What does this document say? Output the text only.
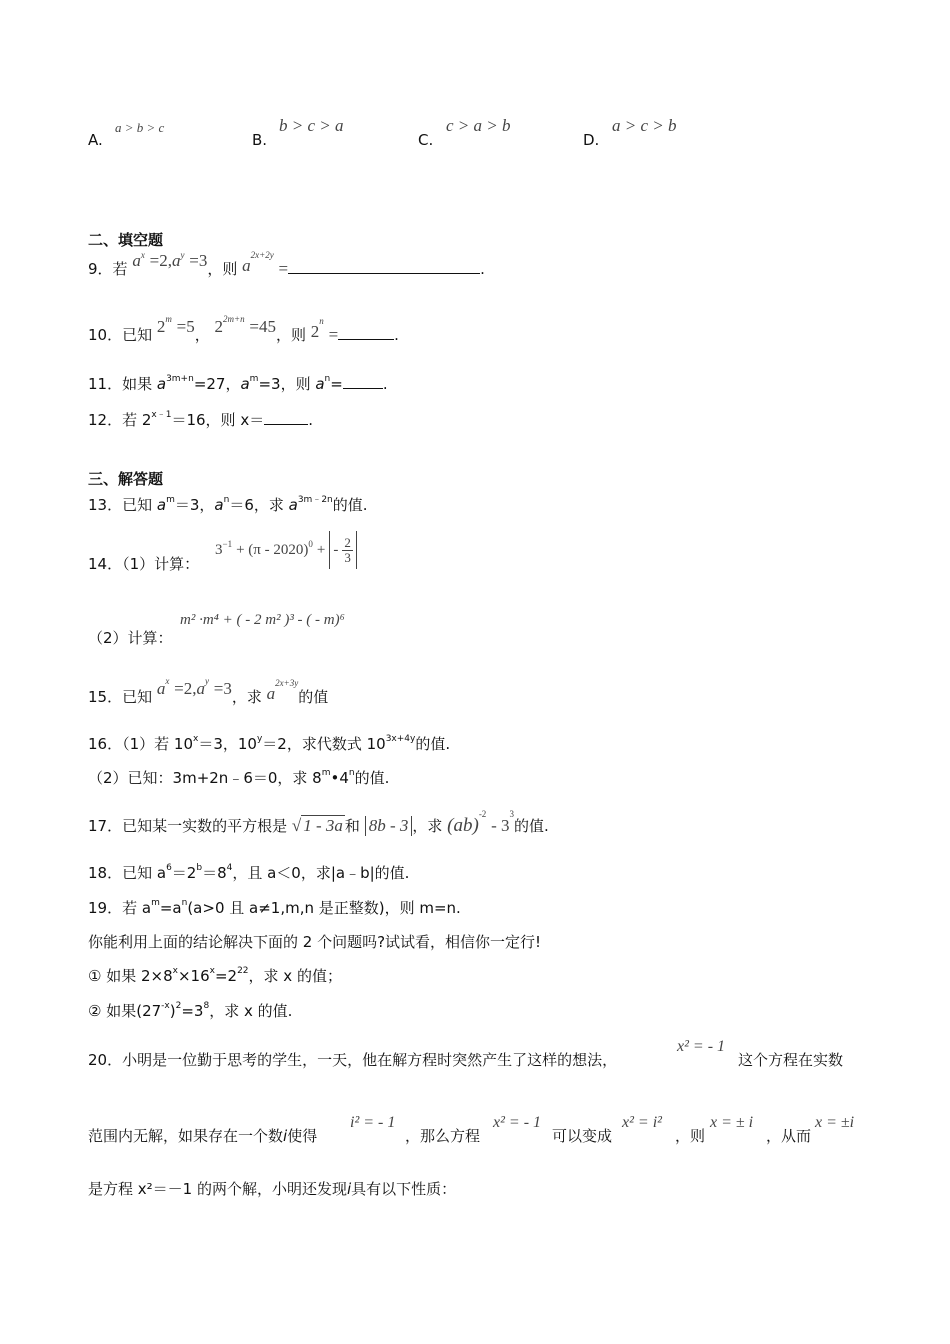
A.
a > b > c
B.
b > c > a
C.
c > a > b
D.
a > c > b
二、填空题
9．若 $a^x =2,a^y =3$，则 $a^{2x+2y}$ =	.
10．已知 $2^m =5$， $2^{2m+n} =45$，则 $2^n$ =	.
11．如果 $a^{3m+n}=27$，$a^m=3$，则 $a^n=$	.
12．若 $2^{x﹣1}=16$，则 x＝	.
三、解答题
13．已知 $a^m=3$，$a^n=6$，求 $a^{3m﹣2n}$的值.
14．（1）计算：
3 −1 + (π - 2020) 0 + - $\frac{2}{3}$
（2）计算：
m² ·m⁴ + ( - 2 m² )³ - ( - m)⁶
15．已知 $a^x =2,a^y =3$，求 $a^{2x+3y}$的值
16．（1）若 $10^x=3$，$10^y=2$，求代数式 $10^{3x+4y}$的值.
（2）已知：3m+2n﹣6＝0，求 8$^m$•4$^n$的值.
17．已知某一实数的平方根是 √ 1 - 3a 和 8b - 3 ，求 $(ab)^{-2} - 3^3$的值.
18．已知 $a^6=2^b=8^4$，且 a＜0，求|a﹣b|的值.
19．若 $a^m=a^n(a>0$ 且 a≠1,m,n 是正整数)，则 m=n.
你能利用上面的结论解决下面的 2 个问题吗?试试看，相信你一定行!
① 如果 $2\times 8^x\times 16^x=2^{22}$，求 x 的值；
② 如果$(27^{-x})^2=3^8$，求 x 的值.
20．小明是一位勤于思考的学生，一天，他在解方程时突然产生了这样的想法，
x² = - 1
这个方程在实数
范围内无解，如果存在一个数i使得
i² = - 1
，那么方程
x² = - 1
可以变成
x² = i²
，则
x = ± i
，从而
x = ±i
是方程 x²＝－1 的两个解，小明还发现i具有以下性质：
